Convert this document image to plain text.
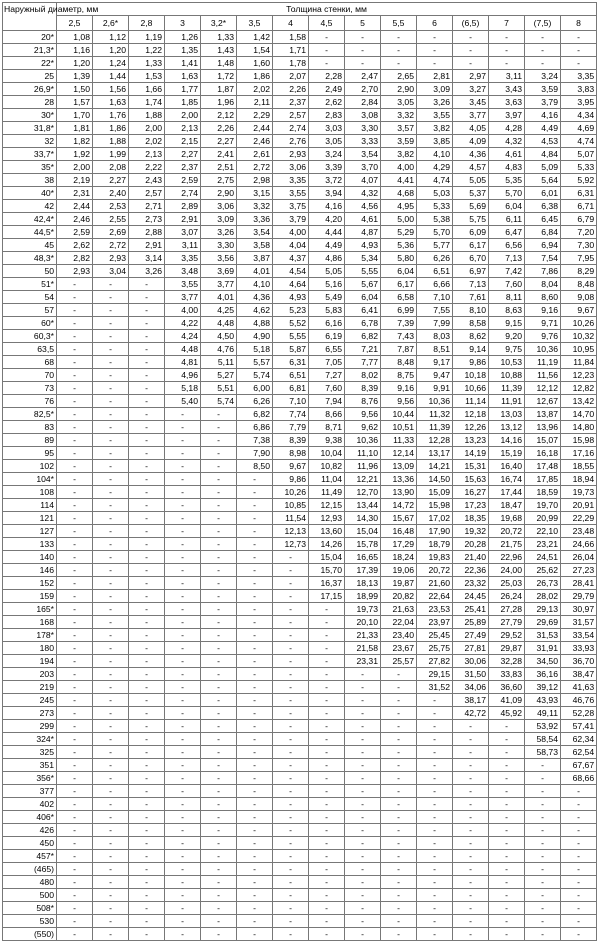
Наружный диаметр, мм	Толщина стенки, мм														
	2,5	2,6*	2,8	3	3,2*	3,5	4	4,5	5	5,5	6	(6,5)	7	(7,5)	8
20*	1,08	1,12	1,19	1,26	1,33	1,42	1,58	-	-	-	-	-	-	-	-
21,3*	1,16	1,20	1,22	1,35	1,43	1,54	1,71	-	-	-	-	-	-	-	-
22*	1,20	1,24	1,33	1,41	1,48	1,60	1,78	-	-	-	-	-	-	-	-
25	1,39	1,44	1,53	1,63	1,72	1,86	2,07	2,28	2,47	2,65	2,81	2,97	3,11	3,24	3,35
26,9*	1,50	1,56	1,66	1,77	1,87	2,02	2,26	2,49	2,70	2,90	3,09	3,27	3,43	3,59	3,83
28	1,57	1,63	1,74	1,85	1,96	2,11	2,37	2,62	2,84	3,05	3,26	3,45	3,63	3,79	3,95
30*	1,70	1,76	1,88	2,00	2,12	2,29	2,57	2,83	3,08	3,32	3,55	3,77	3,97	4,16	4,34
31,8*	1,81	1,86	2,00	2,13	2,26	2,44	2,74	3,03	3,30	3,57	3,82	4,05	4,28	4,49	4,69
32	1,82	1,88	2,02	2,15	2,27	2,46	2,76	3,05	3,33	3,59	3,85	4,09	4,32	4,53	4,74
33,7*	1,92	1,99	2,13	2,27	2,41	2,61	2,93	3,24	3,54	3,82	4,10	4,36	4,61	4,84	5,07
35*	2,00	2,08	2,22	2,37	2,51	2,72	3,06	3,39	3,70	4,00	4,29	4,57	4,83	5,09	5,33
38	2,19	2,27	2,43	2,59	2,75	2,98	3,35	3,72	4,07	4,41	4,74	5,05	5,35	5,64	5,92
40*	2,31	2,40	2,57	2,74	2,90	3,15	3,55	3,94	4,32	4,68	5,03	5,37	5,70	6,01	6,31
42	2,44	2,53	2,71	2,89	3,06	3,32	3,75	4,16	4,56	4,95	5,33	5,69	6,04	6,38	6,71
42,4*	2,46	2,55	2,73	2,91	3,09	3,36	3,79	4,20	4,61	5,00	5,38	5,75	6,11	6,45	6,79
44,5*	2,59	2,69	2,88	3,07	3,26	3,54	4,00	4,44	4,87	5,29	5,70	6,09	6,47	6,84	7,20
45	2,62	2,72	2,91	3,11	3,30	3,58	4,04	4,49	4,93	5,36	5,77	6,17	6,56	6,94	7,30
48,3*	2,82	2,93	3,14	3,35	3,56	3,87	4,37	4,86	5,34	5,80	6,26	6,70	7,13	7,54	7,95
50	2,93	3,04	3,26	3,48	3,69	4,01	4,54	5,05	5,55	6,04	6,51	6,97	7,42	7,86	8,29
51*	-	-	-	3,55	3,77	4,10	4,64	5,16	5,67	6,17	6,66	7,13	7,60	8,04	8,48
54	-	-	-	3,77	4,01	4,36	4,93	5,49	6,04	6,58	7,10	7,61	8,11	8,60	9,08
57	-	-	-	4,00	4,25	4,62	5,23	5,83	6,41	6,99	7,55	8,10	8,63	9,16	9,67
60*	-	-	-	4,22	4,48	4,88	5,52	6,16	6,78	7,39	7,99	8,58	9,15	9,71	10,26
60,3*	-	-	-	4,24	4,50	4,90	5,55	6,19	6,82	7,43	8,03	8,62	9,20	9,76	10,32
63,5	-	-	-	4,48	4,76	5,18	5,87	6,55	7,21	7,87	8,51	9,14	9,75	10,36	10,95
68	-	-	-	4,81	5,11	5,57	6,31	7,05	7,77	8,48	9,17	9,86	10,53	11,19	11,84
70	-	-	-	4,96	5,27	5,74	6,51	7,27	8,02	8,75	9,47	10,18	10,88	11,56	12,23
73	-	-	-	5,18	5,51	6,00	6,81	7,60	8,39	9,16	9,91	10,66	11,39	12,12	12,82
76	-	-	-	5,40	5,74	6,26	7,10	7,94	8,76	9,56	10,36	11,14	11,91	12,67	13,42
82,5*	-	-	-	-	-	6,82	7,74	8,66	9,56	10,44	11,32	12,18	13,03	13,87	14,70
83	-	-	-	-	-	6,86	7,79	8,71	9,62	10,51	11,39	12,26	13,12	13,96	14,80
89	-	-	-	-	-	7,38	8,39	9,38	10,36	11,33	12,28	13,23	14,16	15,07	15,98
95	-	-	-	-	-	7,90	8,98	10,04	11,10	12,14	13,17	14,19	15,19	16,18	17,16
102	-	-	-	-	-	8,50	9,67	10,82	11,96	13,09	14,21	15,31	16,40	17,48	18,55
104*	-	-	-	-	-	-	9,86	11,04	12,21	13,36	14,50	15,63	16,74	17,85	18,94
108	-	-	-	-	-	-	10,26	11,49	12,70	13,90	15,09	16,27	17,44	18,59	19,73
114	-	-	-	-	-	-	10,85	12,15	13,44	14,72	15,98	17,23	18,47	19,70	20,91
121	-	-	-	-	-	-	11,54	12,93	14,30	15,67	17,02	18,35	19,68	20,99	22,29
127	-	-	-	-	-	-	12,13	13,60	15,04	16,48	17,90	19,32	20,72	22,10	23,48
133	-	-	-	-	-	-	12,73	14,26	15,78	17,29	18,79	20,28	21,75	23,21	24,66
140	-	-	-	-	-	-	-	15,04	16,65	18,24	19,83	21,40	22,96	24,51	26,04
146	-	-	-	-	-	-	-	15,70	17,39	19,06	20,72	22,36	24,00	25,62	27,23
152	-	-	-	-	-	-	-	16,37	18,13	19,87	21,60	23,32	25,03	26,73	28,41
159	-	-	-	-	-	-	-	17,15	18,99	20,82	22,64	24,45	26,24	28,02	29,79
165*	-	-	-	-	-	-	-	-	19,73	21,63	23,53	25,41	27,28	29,13	30,97
168	-	-	-	-	-	-	-	-	20,10	22,04	23,97	25,89	27,79	29,69	31,57
178*	-	-	-	-	-	-	-	-	21,33	23,40	25,45	27,49	29,52	31,53	33,54
180	-	-	-	-	-	-	-	-	21,58	23,67	25,75	27,81	29,87	31,91	33,93
194	-	-	-	-	-	-	-	-	23,31	25,57	27,82	30,06	32,28	34,50	36,70
203	-	-	-	-	-	-	-	-	-	-	29,15	31,50	33,83	36,16	38,47
219	-	-	-	-	-	-	-	-	-	-	31,52	34,06	36,60	39,12	41,63
245	-	-	-	-	-	-	-	-	-	-	-	38,17	41,09	43,93	46,76
273	-	-	-	-	-	-	-	-	-	-	-	42,72	45,92	49,11	52,28
299	-	-	-	-	-	-	-	-	-	-	-	-	-	53,92	57,41
324*	-	-	-	-	-	-	-	-	-	-	-	-	-	58,54	62,34
325	-	-	-	-	-	-	-	-	-	-	-	-	-	58,73	62,54
351	-	-	-	-	-	-	-	-	-	-	-	-	-	-	67,67
356*	-	-	-	-	-	-	-	-	-	-	-	-	-	-	68,66
377	-	-	-	-	-	-	-	-	-	-	-	-	-	-	-
402	-	-	-	-	-	-	-	-	-	-	-	-	-	-	-
406*	-	-	-	-	-	-	-	-	-	-	-	-	-	-	-
426	-	-	-	-	-	-	-	-	-	-	-	-	-	-	-
450	-	-	-	-	-	-	-	-	-	-	-	-	-	-	-
457*	-	-	-	-	-	-	-	-	-	-	-	-	-	-	-
(465)	-	-	-	-	-	-	-	-	-	-	-	-	-	-	-
480	-	-	-	-	-	-	-	-	-	-	-	-	-	-	-
500	-	-	-	-	-	-	-	-	-	-	-	-	-	-	-
508*	-	-	-	-	-	-	-	-	-	-	-	-	-	-	-
530	-	-	-	-	-	-	-	-	-	-	-	-	-	-	-
(550)	-	-	-	-	-	-	-	-	-	-	-	-	-	-	-
